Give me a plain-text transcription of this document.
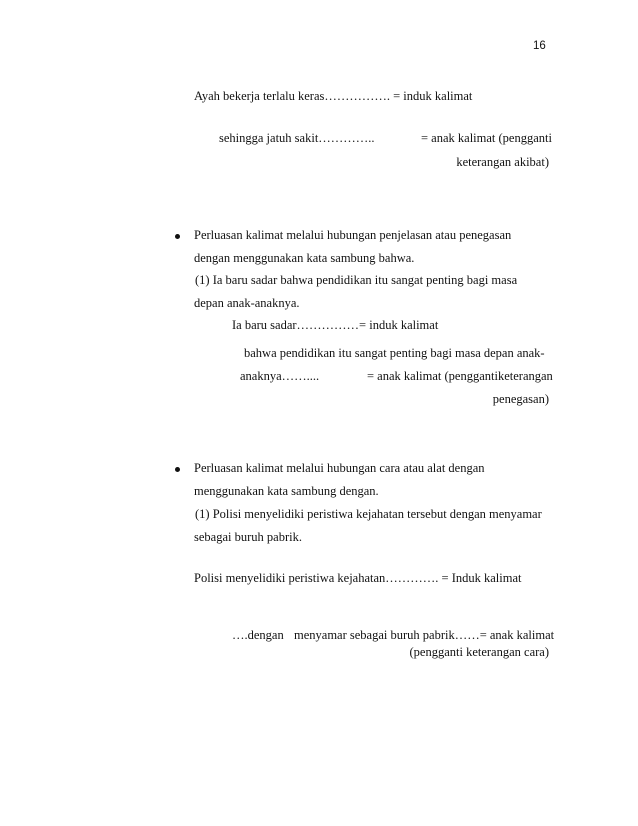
16
Ayah bekerja terlalu keras……………. = induk kalimat
sehingga jatuh sakit…………..	= anak kalimat (pengganti
keterangan akibat)
Perluasan kalimat melalui hubungan penjelasan atau penegasan
dengan menggunakan kata sambung bahwa.
(1) Ia baru sadar bahwa pendidikan itu sangat penting bagi masa
depan anak-anaknya.
Ia baru sadar……………= induk kalimat
bahwa pendidikan itu sangat penting bagi masa depan anak-
anaknya……....	= anak kalimat (penggantiketerangan
penegasan)
Perluasan kalimat melalui hubungan cara atau alat dengan
menggunakan kata sambung dengan.
(1) Polisi menyelidiki peristiwa kejahatan tersebut dengan menyamar
sebagai buruh pabrik.
Polisi menyelidiki peristiwa kejahatan…………. = Induk kalimat
….dengan menyamar sebagai buruh pabrik……= anak kalimat
(pengganti keterangan cara)
